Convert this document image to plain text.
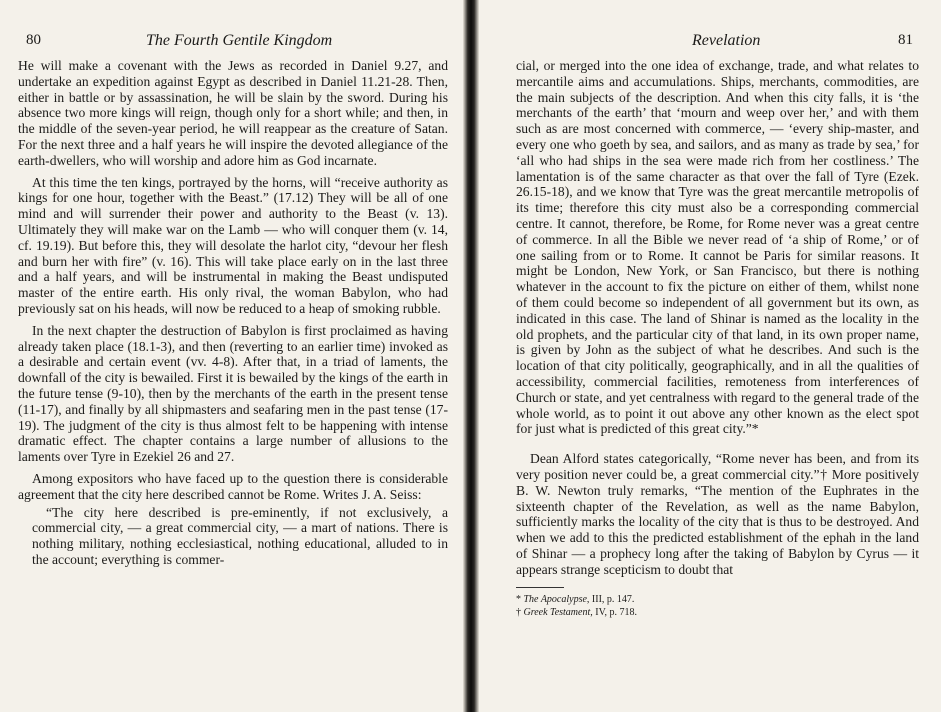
80	The Fourth Gentile Kingdom

He will make a covenant with the Jews as recorded in Daniel 9.27, and undertake an expedition against Egypt as described in Daniel 11.21-28. Then, either in battle or by assassination, he will be slain by the sword. During his absence two more kings will reign, though only for a short while; and then, in the middle of the seven-year period, he will reappear as the creature of Satan. For the next three and a half years he will inspire the devoted allegiance of the earth-dwellers, who will worship and adore him as God incarnate.

At this time the ten kings, portrayed by the horns, will “receive authority as kings for one hour, together with the Beast.” (17.12) They will be all of one mind and will surrender their power and authority to the Beast (v. 13). Ultimately they will make war on the Lamb — who will conquer them (v. 14, cf. 19.19). But before this, they will desolate the harlot city, “devour her flesh and burn her with fire” (v. 16). This will take place early on in the last three and a half years, and will be instrumental in making the Beast undisputed master of the entire earth. His only rival, the woman Babylon, who had previously sat on his heads, will now be reduced to a heap of smoking rubble.

In the next chapter the destruction of Babylon is first proclaimed as having already taken place (18.1-3), and then (reverting to an earlier time) invoked as a desirable and certain event (vv. 4-8). After that, in a triad of laments, the downfall of the city is bewailed. First it is bewailed by the kings of the earth in the future tense (9-10), then by the merchants of the earth in the present tense (11-17), and finally by all shipmasters and seafaring men in the past tense (17-19). The judgment of the city is thus almost felt to be happening with intense dramatic effect. The chapter contains a large number of allusions to the laments over Tyre in Ezekiel 26 and 27.

Among expositors who have faced up to the question there is considerable agreement that the city here described cannot be Rome. Writes J. A. Seiss:

“The city here described is pre-eminently, if not exclusively, a commercial city, — a great commercial city, — a mart of nations. There is nothing military, nothing ecclesiastical, nothing educational, alluded to in the account; everything is commer-

Revelation	81

cial, or merged into the one idea of exchange, trade, and what relates to mercantile aims and accumulations. Ships, merchants, commodities, are the main subjects of the description. And when this city falls, it is ‘the merchants of the earth’ that ‘mourn and weep over her,’ and with them such as are most concerned with commerce, — ‘every ship-master, and every one who goeth by sea, and sailors, and as many as trade by sea,’ for ‘all who had ships in the sea were made rich from her costliness.’ The lamentation is of the same character as that over the fall of Tyre (Ezek. 26.15-18), and we know that Tyre was the great mercantile metropolis of its time; therefore this city must also be a corresponding commercial centre. It cannot, therefore, be Rome, for Rome never was a great centre of commerce. In all the Bible we never read of ‘a ship of Rome,’ or of one sailing from or to Rome. It cannot be Paris for similar reasons. It might be London, New York, or San Francisco, but there is nothing whatever in the account to fix the picture on either of them, whilst none of them could become so independent of all government but its own, as indicated in this case. The land of Shinar is named as the locality in the old prophets, and the particular city of that land, in its own proper name, is given by John as the subject of what he describes. And such is the location of that city politically, geographically, and in all the qualities of accessibility, commercial facilities, remoteness from interferences of Church or state, and yet centralness with regard to the general trade of the whole world, as to point it out above any other known as the elect spot for just what is predicted of this great city.”*

Dean Alford states categorically, “Rome never has been, and from its very position never could be, a great commercial city.”† More positively B. W. Newton truly remarks, “The mention of the Euphrates in the sixteenth chapter of the Revelation, as well as the name Babylon, sufficiently marks the locality of the city that is thus to be destroyed. And when we add to this the predicted establishment of the ephah in the land of Shinar — a prophecy long after the taking of Babylon by Cyrus — it appears strange scepticism to doubt that

* The Apocalypse, III, p. 147.
† Greek Testament, IV, p. 718.
